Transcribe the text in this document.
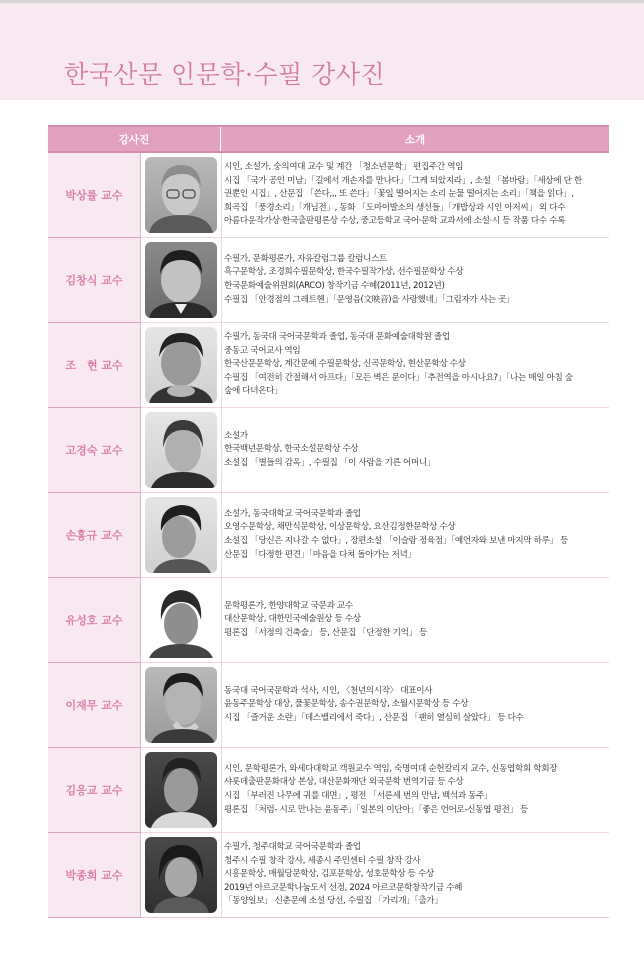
한국산문 인문학·수필 강사진
강사진	소개
박상률 교수
시인, 소설가, 숭의여대 교수 및 계간 「청소년문학」 편집주간 역임
시집 「국가 공인 미남」「길에서 개손자를 만나다」「그케 되았지라」, 소설 「봄바람」「세상에 단 한
권뿐인 시집」, 산문집 「쓴다,,, 또 쓴다」「꽃잎 떨어지는 소리 눈물 떨어지는 소리」「책을 읽다」,
희곡집 「풍경소리」「개님전」, 동화 「도마이발소의 생선들」「개밥상과 시인 아저씨」 외 다수
아름다운작가상·한국출판평론상 수상, 중고등학교 국어·문학 교과서에 소설·시 등 작품 다수 수록
김창식 교수
수필가, 문화평론가, 자유칼럼그룹 칼럼니스트
흑구문학상, 조경희수필문학상, 한국수필작가상, 선수필문학상 수상
한국문화예술위원회(ARCO) 창작기금 수혜(2011년, 2012년)
수필집 「안경점의 그레트헨」「문영음(文映音)을 사랑했네」「그림자가 사는 곳」
조　현 교수
수필가, 동국대 국어국문학과 졸업, 동국대 문화예술대학원 졸업
중동고 국어교사 역임
한국산문문학상, 계간문예 수필문학상, 신곡문학상, 현산문학상 수상
수필집 「여전히 간절해서 아프다」「모든 벽은 문이다」「추전역을 아시나요?」「나는 매일 아침 숲
숲에 다녀온다」
고경숙 교수
소설가
한국백년문학상, 한국소설문학상 수상
소설집 「별들의 감옥」, 수필집 「이 사람을 기른 어머니」
손홍규 교수
소설가, 동국대학교 국어국문학과 졸업
오영수문학상, 채만식문학상, 이상문학상, 요산김정한문학상 수상
소설집 「당신은 지나갈 수 없다」, 장편소설 「이슬람 정육점」「예언자와 보낸 마지막 하루」 등
산문집 「다정한 편견」「마음을 다쳐 돌아가는 저녁」
유성호 교수
문학평론가, 한양대학교 국문과 교수
대산문학상, 대한민국예술원상 등 수상
평론집 「서정의 건축술」 등, 산문집 「단정한 기억」 등
이재무 교수
동국대 국어국문학과 석사, 시인, 〈천년의시작〉 대표이사
윤동주문학상 대상, 풀꽃문학상, 송수권문학상, 소월시문학상 등 수상
시집 「즐거운 소란」「데스밸리에서 죽다」, 산문집 「괜히 열심히 살았다」 등 다수
김응교 교수
시인, 문학평론가, 와세다대학교 객원교수 역임, 숙명여대 순헌칼리지 교수, 신동엽학회 학회장
샤롯데출판문화대상 본상, 대산문화재단 외국문학 번역기금 등 수상
시집 「부러진 나무에 귀를 대면」, 평전 「서른세 번의 만남, 백석과 동주」
평론집 「처럼- 시로 만나는 윤동주」「일본의 이단아」「좋은 언어로-신동엽 평전」 등
박종희 교수
수필가, 청주대학교 국어국문학과 졸업
청주시 수필 창작 강사, 세종시 주민센터 수필 창작 강사
시흥문학상, 매월당문학상, 김포문학상, 성호문학상 등 수상
2019년 아르코문학나눔도서 선정, 2024 아르코문학창작기금 수혜
「동양일보」 신춘문예 소설 당선, 수필집 「가리개」「출가」
